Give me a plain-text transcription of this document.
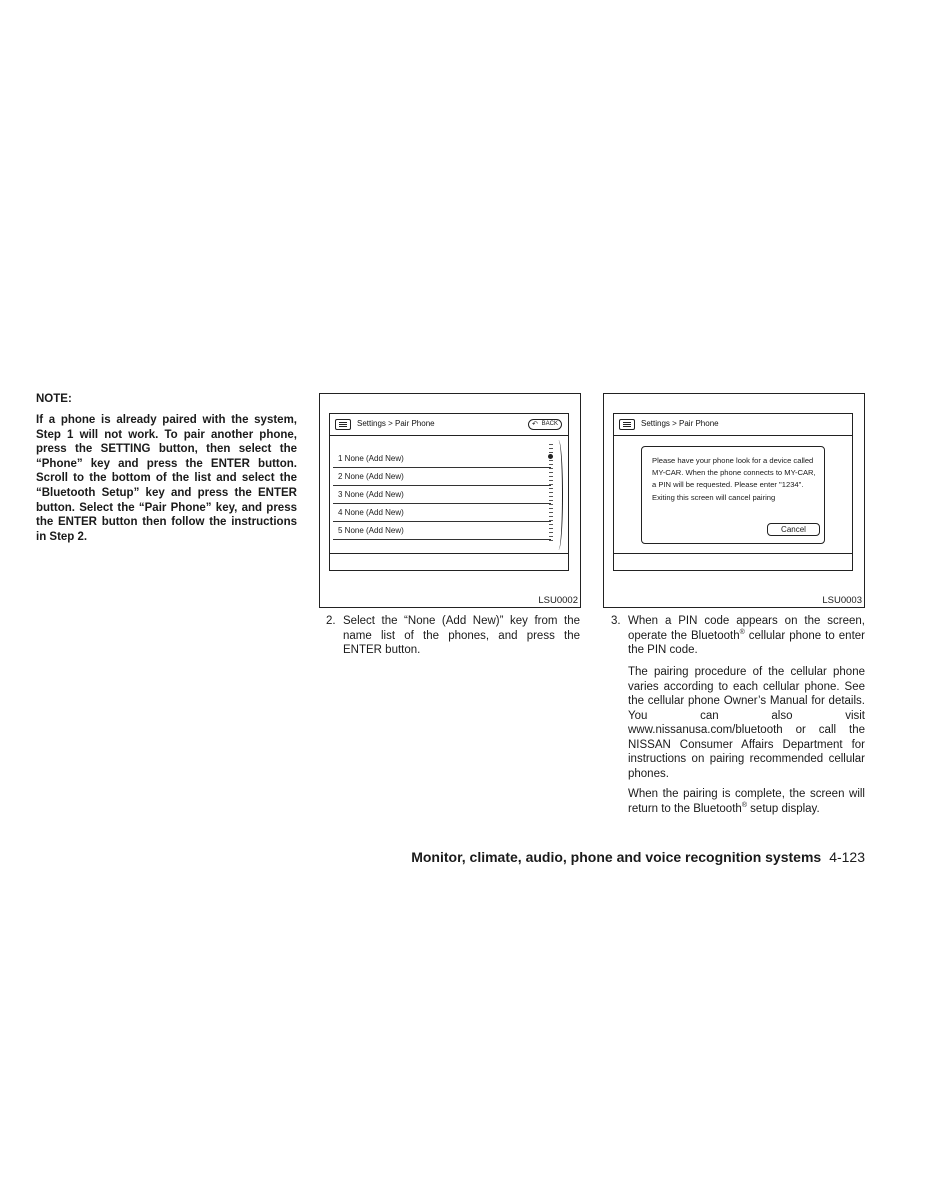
NOTE:

If a phone is already paired with the system, Step 1 will not work. To pair another phone, press the SETTING button, then select the “Phone” key and press the ENTER button. Scroll to the bottom of the list and select the “Bluetooth Setup” key and press the ENTER button. Select the “Pair Phone” key, and press the ENTER button then follow the instructions in Step 2.

Settings > Pair Phone	↶ BACK
1 None (Add New)
2 None (Add New)
3 None (Add New)
4 None (Add New)
5 None (Add New)
LSU0002
Settings > Pair Phone
Please have your phone look for a device called MY-CAR. When the phone connects to MY-CAR, a PIN will be requested. Please enter "1234". Exiting this screen will cancel pairing
Cancel
LSU0003

2. Select the “None (Add New)” key from the name list of the phones, and press the ENTER button.

3. When a PIN code appears on the screen, operate the Bluetooth® cellular phone to enter the PIN code.

The pairing procedure of the cellular phone varies according to each cellular phone. See the cellular phone Owner’s Manual for details. You can also visit www.nissanusa.com/bluetooth or call the NISSAN Consumer Affairs Department for instructions on pairing recommended cellular phones.

When the pairing is complete, the screen will return to the Bluetooth® setup display.

Monitor, climate, audio, phone and voice recognition systems 4-123
